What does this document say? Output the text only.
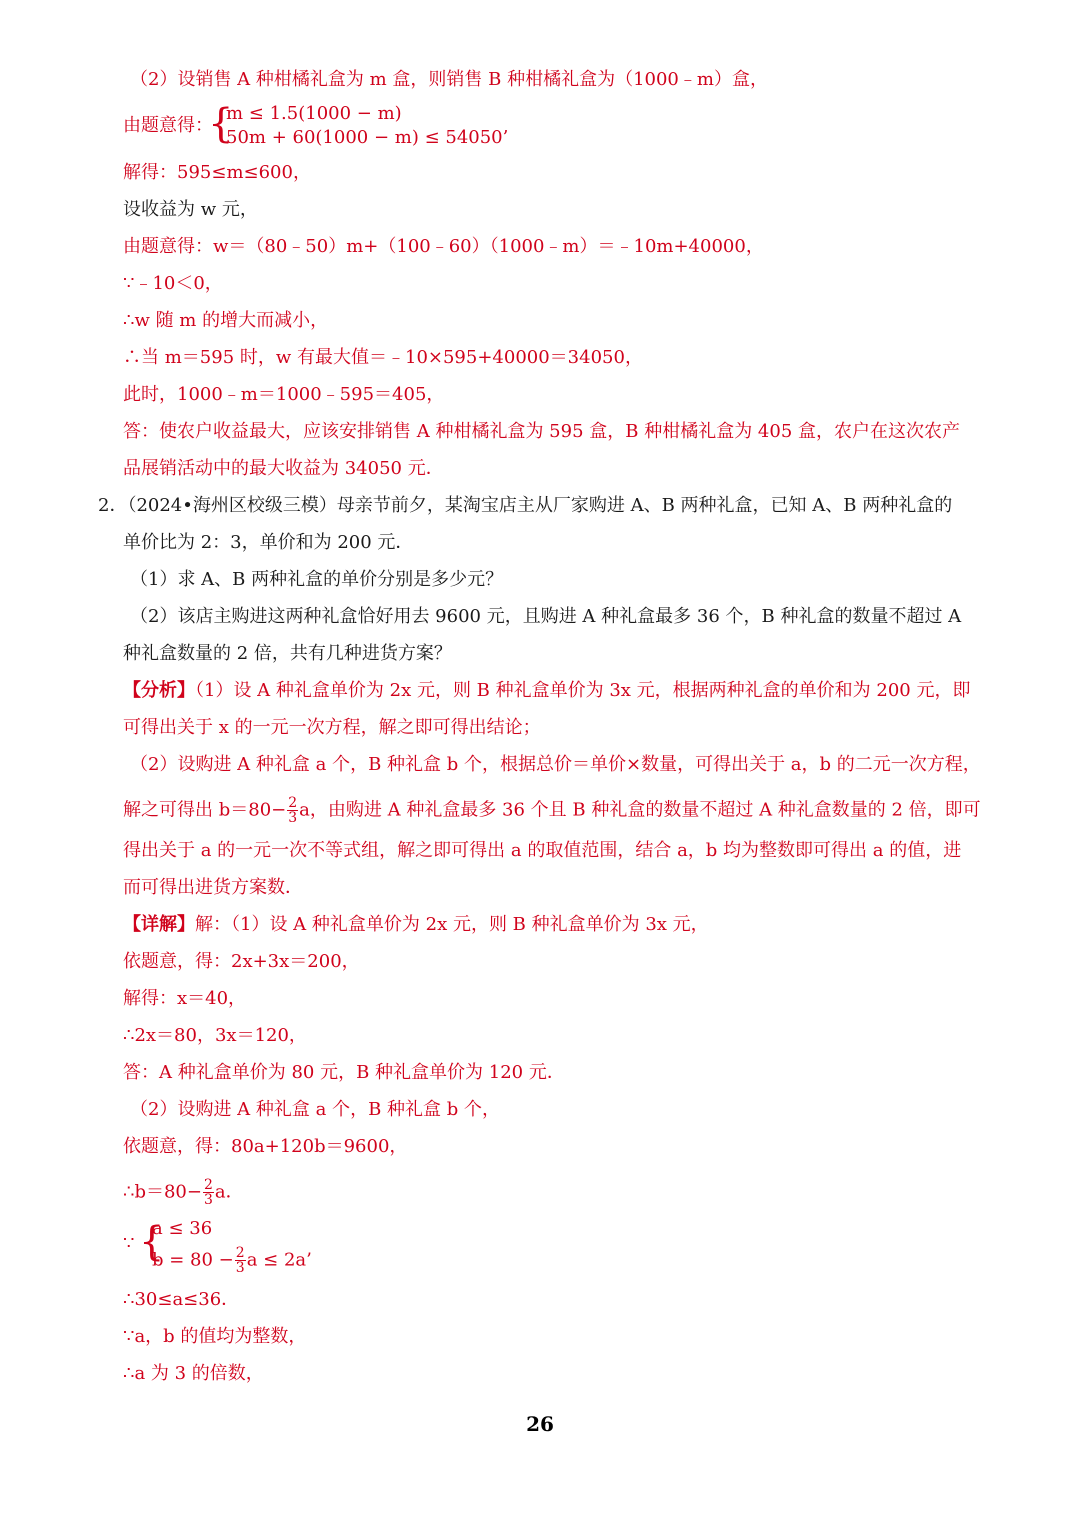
（2）设销售 A 种柑橘礼盒为 m 盒，则销售 B 种柑橘礼盒为（1000﹣m）盒，
由题意得：
{
m ≤ 1.5(1000 − m)
50m + 60(1000 − m) ≤ 54050’
解得：595≤m≤600，
设收益为 w 元，
由题意得：w＝（80﹣50）m+（100﹣60）（1000﹣m）＝﹣10m+40000，
∵﹣10＜0，
∴w 随 m 的增大而减小，
∴当 m＝595 时，w 有最大值＝﹣10×595+40000＝34050，
此时，1000﹣m＝1000﹣595＝405，
答：使农户收益最大，应该安排销售 A 种柑橘礼盒为 595 盒，B 种柑橘礼盒为 405 盒，农户在这次农产
品展销活动中的最大收益为 34050 元．
2．（2024•海州区校级三模）母亲节前夕，某淘宝店主从厂家购进 A、B 两种礼盒，已知 A、B 两种礼盒的
单价比为 2：3，单价和为 200 元．
（1）求 A、B 两种礼盒的单价分别是多少元？
（2）该店主购进这两种礼盒恰好用去 9600 元，且购进 A 种礼盒最多 36 个，B 种礼盒的数量不超过 A
种礼盒数量的 2 倍，共有几种进货方案？
【分析】（1）设 A 种礼盒单价为 2x 元，则 B 种礼盒单价为 3x 元，根据两种礼盒的单价和为 200 元，即
可得出关于 x 的一元一次方程，解之即可得出结论；
（2）设购进 A 种礼盒 a 个，B 种礼盒 b 个，根据总价＝单价×数量，可得出关于 a，b 的二元一次方程，
解之可得出 $b=80- \frac{2}{3}$ a，由购进 A 种礼盒最多 36 个且 B 种礼盒的数量不超过 A 种礼盒数量的 2 倍，即可
得出关于 a 的一元一次不等式组，解之即可得出 a 的取值范围，结合 a，b 均为整数即可得出 a 的值，进
而可得出进货方案数．
【详解】解：（1）设 A 种礼盒单价为 2x 元，则 B 种礼盒单价为 3x 元，
依题意，得：2x+3x＝200，
解得：x＝40，
∴2x＝80，3x＝120，
答：A 种礼盒单价为 80 元，B 种礼盒单价为 120 元．
（2）设购进 A 种礼盒 a 个，B 种礼盒 b 个，
依题意，得：80a+120b＝9600，
∴b＝80− $\frac{2}{3}$ a．
∵ {
a ≤ 36
$b = 80 - \frac{2}{3}$ a ≤ 2a’
∴30≤a≤36．
∵a，b 的值均为整数，
∴a 为 3 的倍数，
26
